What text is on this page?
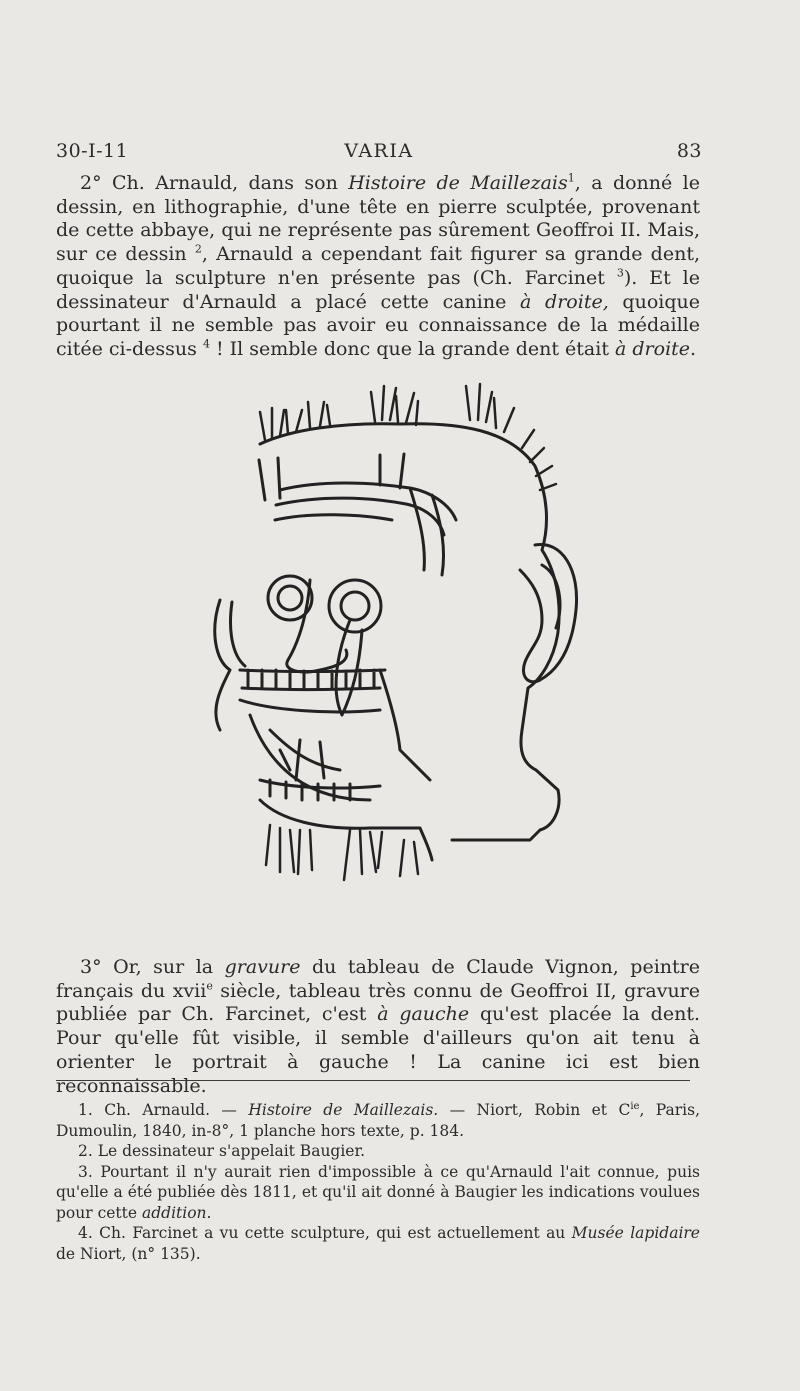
30-I-11	VARIA	83

2° Ch. Arnauld, dans son Histoire de Maillezais$^1$, a donné le dessin, en lithographie, d'une tête en pierre sculptée, provenant de cette abbaye, qui ne représente pas sûrement Geoffroi II. Mais, sur ce dessin $^2$, Arnauld a cependant fait figurer sa grande dent, quoique la sculpture n'en présente pas (Ch. Farcinet $^3$). Et le dessinateur d'Arnauld a placé cette canine à droite, quoique pourtant il ne semble pas avoir eu connaissance de la médaille citée ci-dessus $^4$ ! Il semble donc que la grande dent était à droite.

3° Or, sur la gravure du tableau de Claude Vignon, peintre français du xvii$^e$ siècle, tableau très connu de Geoffroi II, gravure publiée par Ch. Farcinet, c'est à gauche qu'est placée la dent. Pour qu'elle fût visible, il semble d'ailleurs qu'on ait tenu à orienter le portrait à gauche ! La canine ici est bien reconnaissable.

1. Ch. Arnauld. — Histoire de Maillezais. — Niort, Robin et $C^{ie}$, Paris, Dumoulin, 1840, in-8°, 1 planche hors texte, p. 184.

2. Le dessinateur s'appelait Baugier.

3. Pourtant il n'y aurait rien d'impossible à ce qu'Arnauld l'ait connue, puis qu'elle a été publiée dès 1811, et qu'il ait donné à Baugier les indications voulues pour cette addition.

4. Ch. Farcinet a vu cette sculpture, qui est actuellement au Musée lapidaire de Niort, (n° 135).
